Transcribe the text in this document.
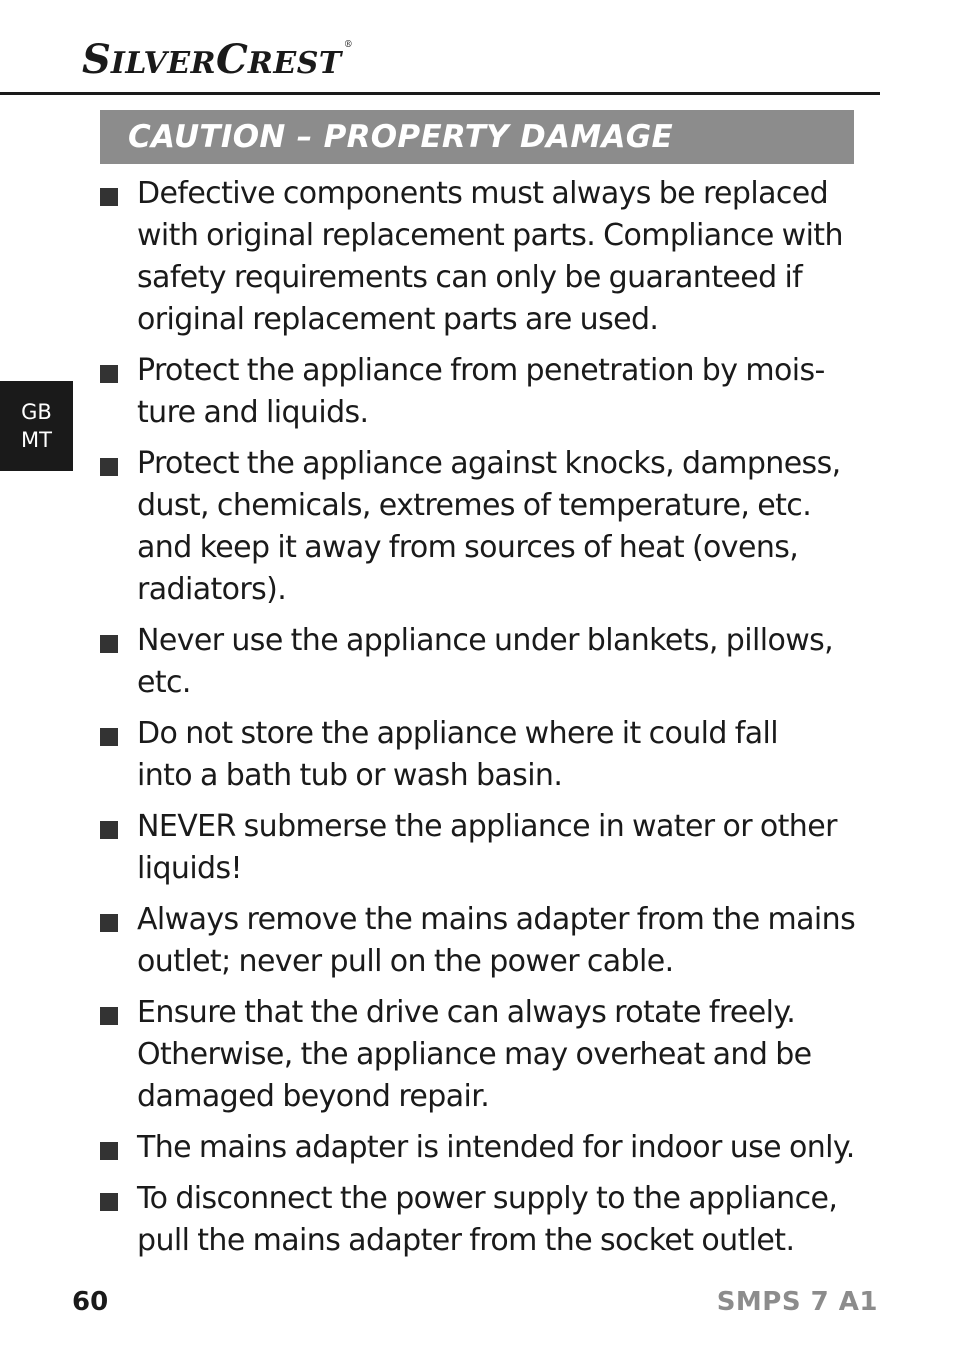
SILVERCREST®
CAUTION – PROPERTY DAMAGE
GB
MT
Defective components must always be replaced
with original replacement parts. Compliance with
safety requirements can only be guaranteed if
original replacement parts are used.
Protect the appliance from penetration by mois-
ture and liquids.
Protect the appliance against knocks, dampness,
dust, chemicals, extremes of temperature, etc.
and keep it away from sources of heat (ovens,
radiators).
Never use the appliance under blankets, pillows,
etc.
Do not store the appliance where it could fall
into a bath tub or wash basin.
NEVER submerse the appliance in water or other
liquids!
Always remove the mains adapter from the mains
outlet; never pull on the power cable.
Ensure that the drive can always rotate freely.
Otherwise, the appliance may overheat and be
damaged beyond repair.
The mains adapter is intended for indoor use only.
To disconnect the power supply to the appliance,
pull the mains adapter from the socket outlet.
60	SMPS 7 A1
